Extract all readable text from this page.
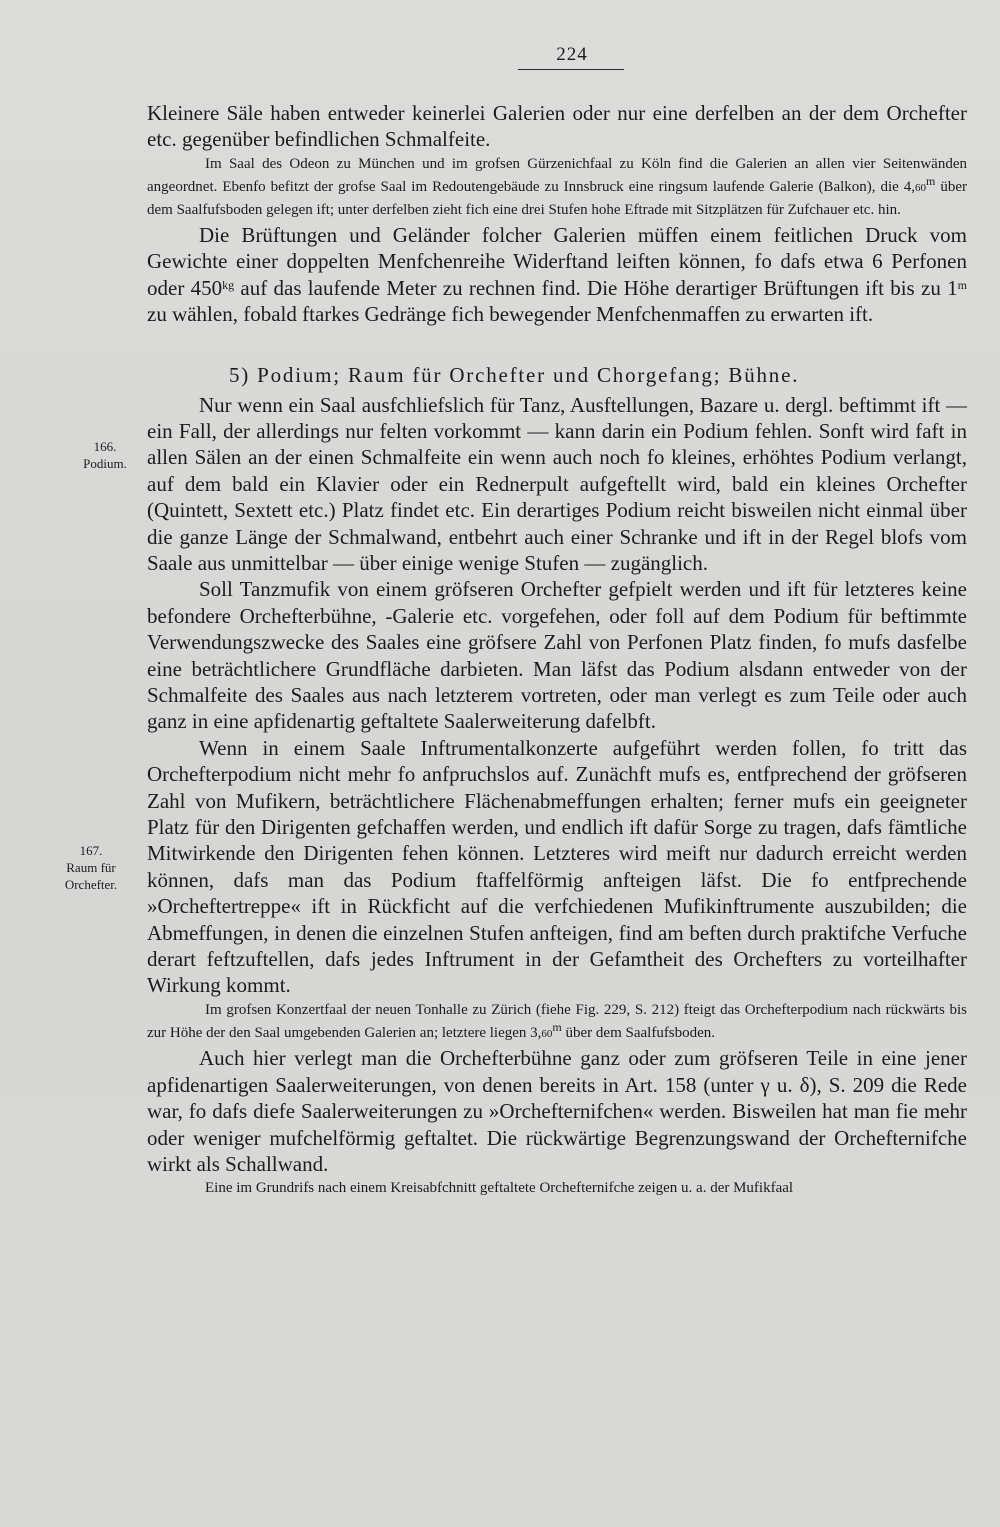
224
166.
Podium.
167.
Raum für
Orchefter.

Kleinere Säle haben entweder keinerlei Galerien oder nur eine derfelben an der dem Orchefter etc. gegenüber befindlichen Schmalfeite.

Im Saal des Odeon zu München und im grofsen Gürzenichfaal zu Köln find die Galerien an allen vier Seitenwänden angeordnet. Ebenfo befitzt der grofse Saal im Redoutengebäude zu Innsbruck eine ringsum laufende Galerie (Balkon), die 4,60$^m$ über dem Saalfufsboden gelegen ift; unter derfelben zieht fich eine drei Stufen hohe Eftrade mit Sitzplätzen für Zufchauer etc. hin.

Die Brüftungen und Geländer folcher Galerien müffen einem feitlichen Druck vom Gewichte einer doppelten Menfchenreihe Widerftand leiften können, fo dafs etwa 6 Perfonen oder $450^{kg}$ auf das laufende Meter zu rechnen find. Die Höhe derartiger Brüftungen ift bis zu 1$^m$ zu wählen, fobald ftarkes Gedränge fich bewegender Menfchenmaffen zu erwarten ift.

5) Podium; Raum für Orchefter und Chorgefang; Bühne.

Nur wenn ein Saal ausfchliefslich für Tanz, Ausftellungen, Bazare u. dergl. beftimmt ift — ein Fall, der allerdings nur felten vorkommt — kann darin ein Podium fehlen. Sonft wird faft in allen Sälen an der einen Schmalfeite ein wenn auch noch fo kleines, erhöhtes Podium verlangt, auf dem bald ein Klavier oder ein Rednerpult aufgeftellt wird, bald ein kleines Orchefter (Quintett, Sextett etc.) Platz findet etc. Ein derartiges Podium reicht bisweilen nicht einmal über die ganze Länge der Schmalwand, entbehrt auch einer Schranke und ift in der Regel blofs vom Saale aus unmittelbar — über einige wenige Stufen — zugänglich.

Soll Tanzmufik von einem gröfseren Orchefter gefpielt werden und ift für letzteres keine befondere Orchefterbühne, -Galerie etc. vorgefehen, oder foll auf dem Podium für beftimmte Verwendungszwecke des Saales eine gröfsere Zahl von Perfonen Platz finden, fo mufs dasfelbe eine beträchtlichere Grundfläche darbieten. Man läfst das Podium alsdann entweder von der Schmalfeite des Saales aus nach letzterem vortreten, oder man verlegt es zum Teile oder auch ganz in eine apfidenartig geftaltete Saalerweiterung dafelbft.

Wenn in einem Saale Inftrumentalkonzerte aufgeführt werden follen, fo tritt das Orchefterpodium nicht mehr fo anfpruchslos auf. Zunächft mufs es, entfprechend der gröfseren Zahl von Mufikern, beträchtlichere Flächenabmeffungen erhalten; ferner mufs ein geeigneter Platz für den Dirigenten gefchaffen werden, und endlich ift dafür Sorge zu tragen, dafs fämtliche Mitwirkende den Dirigenten fehen können. Letzteres wird meift nur dadurch erreicht werden können, dafs man das Podium ftaffelförmig anfteigen läfst. Die fo entfprechende »Orcheftertreppe« ift in Rückficht auf die verfchiedenen Mufikinftrumente auszubilden; die Abmeffungen, in denen die einzelnen Stufen anfteigen, find am beften durch praktifche Verfuche derart feftzuftellen, dafs jedes Inftrument in der Gefamtheit des Orchefters zu vorteilhafter Wirkung kommt.

Im grofsen Konzertfaal der neuen Tonhalle zu Zürich (fiehe Fig. 229, S. 212) fteigt das Orchefterpodium nach rückwärts bis zur Höhe der den Saal umgebenden Galerien an; letztere liegen 3,60$^m$ über dem Saalfufsboden.

Auch hier verlegt man die Orchefterbühne ganz oder zum gröfseren Teile in eine jener apfidenartigen Saalerweiterungen, von denen bereits in Art. 158 (unter γ u. δ), S. 209 die Rede war, fo dafs diefe Saalerweiterungen zu »Orchefternifchen« werden. Bisweilen hat man fie mehr oder weniger mufchelförmig geftaltet. Die rückwärtige Begrenzungswand der Orchefternifche wirkt als Schallwand.

Eine im Grundrifs nach einem Kreisabfchnitt geftaltete Orchefternifche zeigen u. a. der Mufikfaal
